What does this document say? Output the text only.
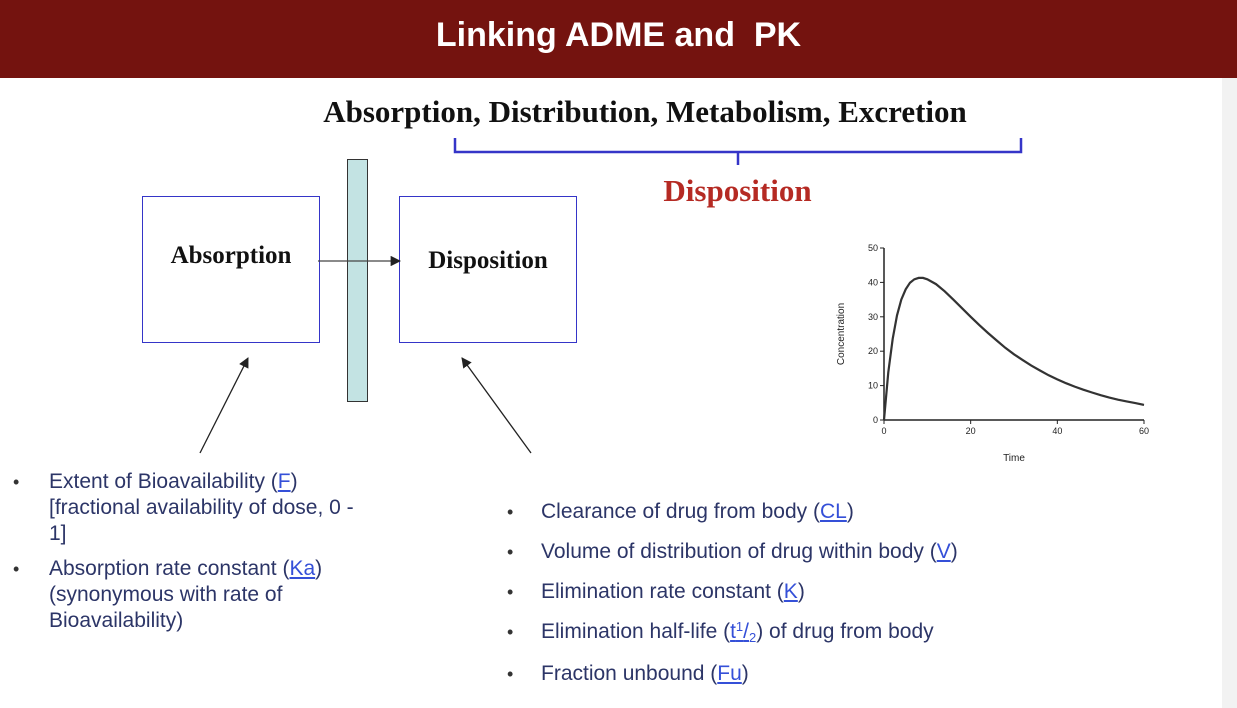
Linking ADME and  PK
Absorption, Distribution, Metabolism, Excretion
Disposition
Absorption	Disposition
• Extent of Bioavailability (F) [fractional availability of dose, 0 - 1]
• Absorption rate constant (Ka) (synonymous with rate of Bioavailability)
• Clearance of drug from body (CL)
• Volume of distribution of drug within body (V)
• Elimination rate constant (K)
• Elimination half-life $(t^1/2)$ of drug from body
• Fraction unbound (Fu)
0
10
20
30
40
50
0	20	40	60
Time
Concentration
